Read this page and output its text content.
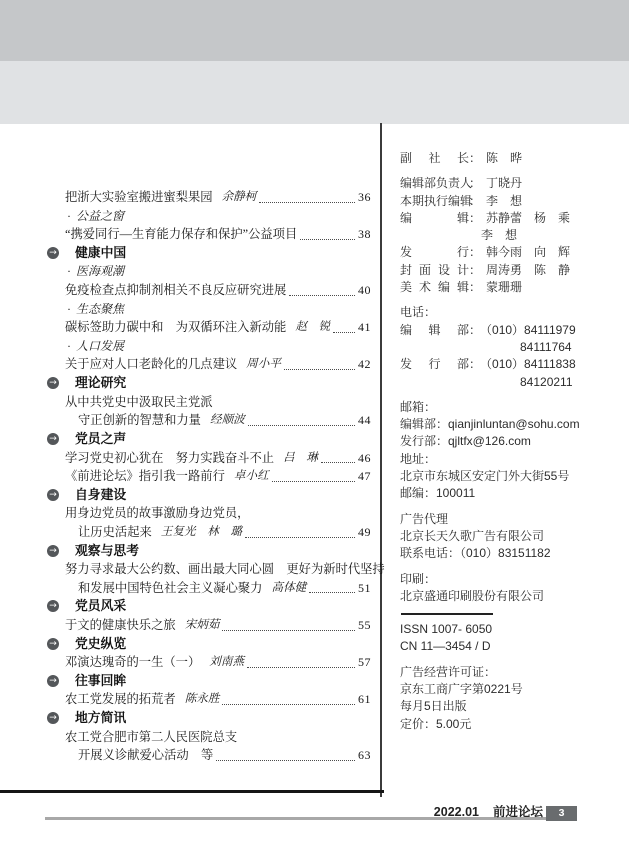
把浙大实验室搬进蜜梨果园 余静柯	36
· 公益之窗
“携爱同行—生育能力保存和保护”公益项目	38
→ 健康中国
· 医海观潮
免疫检查点抑制剂相关不良反应研究进展	40
· 生态聚焦
碳标签助力碳中和　为双循环注入新动能 赵　锐 41
· 人口发展
关于应对人口老龄化的几点建议 周小平	42
→ 理论研究
从中共党史中汲取民主党派
守正创新的智慧和力量 经顺波	44
→ 党员之声
学习党史初心犹在　努力实践奋斗不止 吕　琳	46
《前进论坛》指引我一路前行 卓小红	47
→ 自身建设
用身边党员的故事激励身边党员，
让历史活起来 王复光　林　璐	49
→ 观察与思考
努力寻求最大公约数、画出最大同心圆　更好为新时代坚持
和发展中国特色社会主义凝心聚力 高体健	51
→ 党员风采
于文的健康快乐之旅 宋炳茹	55
→ 党史纵览
邓演达瑰奇的一生（一） 刘南燕	57
→ 往事回眸
农工党发展的拓荒者 陈永胜	61
→ 地方简讯
农工党合肥市第二人民医院总支
开展义诊献爱心活动　等	63
副社长： 陈　晔
编辑部负责人： 丁晓丹
本期执行编辑： 李　想
编辑： 苏静蕾　杨　乘
李　想
发行： 韩今雨　向　辉
封面设计： 周涛勇　陈　静
美术编辑： 蒙珊珊
电话：
编辑部： （010）84111979
84111764
发行部： （010）84111838
84120211
邮箱：
编辑部：qianjinluntan@sohu.com
发行部：qjltfx@126.com
地址：
北京市东城区安定门外大街55号
邮编：100011
广告代理
北京长天久歌广告有限公司
联系电话：（010）83151182
印刷：
北京盛通印刷股份有限公司
ISSN 1007- 6050
CN 11—3454 / D
广告经营许可证：
京东工商广字第0221号
每月5日出版
定价：5.00元
2022.01 前进论坛	3
